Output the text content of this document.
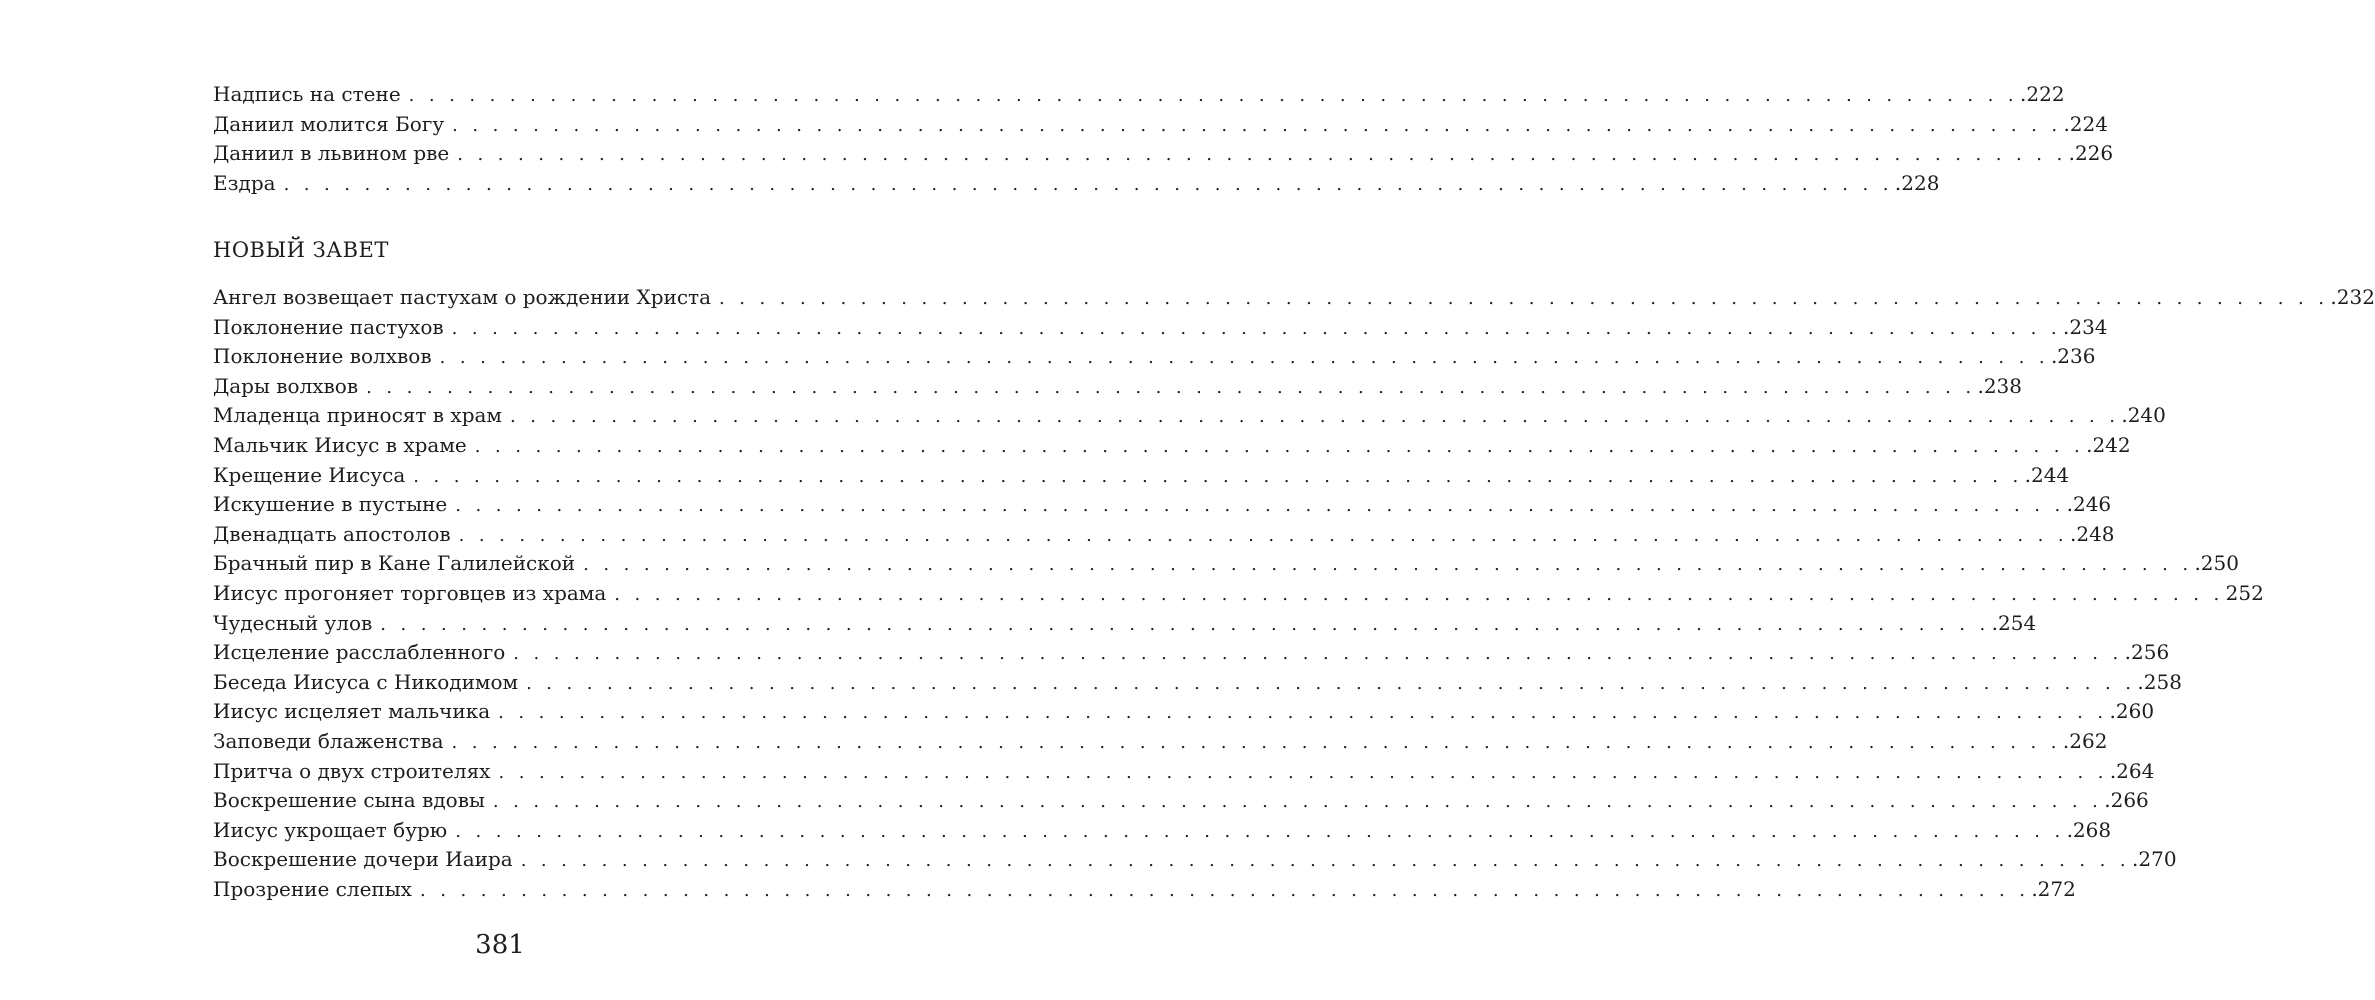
Надпись на стене . . . . . . . . . . . . . . . . . . . . . . . . . . . . . . . . . . . . . . . . . . . . . . . . . . . . . . . . . . . . . . . . . . . . . . . . . . . . . . . . .222
Даниил молится Богу . . . . . . . . . . . . . . . . . . . . . . . . . . . . . . . . . . . . . . . . . . . . . . . . . . . . . . . . . . . . . . . . . . . . . . . . . . . . . . . . .224
Даниил в львином рве . . . . . . . . . . . . . . . . . . . . . . . . . . . . . . . . . . . . . . . . . . . . . . . . . . . . . . . . . . . . . . . . . . . . . . . . . . . . . . . . .226
Ездра . . . . . . . . . . . . . . . . . . . . . . . . . . . . . . . . . . . . . . . . . . . . . . . . . . . . . . . . . . . . . . . . . . . . . . . . . . . . . . . . .228
НОВЫЙ ЗАВЕТ
Ангел возвещает пастухам о рождении Христа . . . . . . . . . . . . . . . . . . . . . . . . . . . . . . . . . . . . . . . . . . . . . . . . . . . . . . . . . . . . . . . . . . . . . . . . . . . . . . . . .232
Поклонение пастухов . . . . . . . . . . . . . . . . . . . . . . . . . . . . . . . . . . . . . . . . . . . . . . . . . . . . . . . . . . . . . . . . . . . . . . . . . . . . . . . . .234
Поклонение волхвов . . . . . . . . . . . . . . . . . . . . . . . . . . . . . . . . . . . . . . . . . . . . . . . . . . . . . . . . . . . . . . . . . . . . . . . . . . . . . . . . .236
Дары волхвов . . . . . . . . . . . . . . . . . . . . . . . . . . . . . . . . . . . . . . . . . . . . . . . . . . . . . . . . . . . . . . . . . . . . . . . . . . . . . . . . .238
Младенца приносят в храм . . . . . . . . . . . . . . . . . . . . . . . . . . . . . . . . . . . . . . . . . . . . . . . . . . . . . . . . . . . . . . . . . . . . . . . . . . . . . . . . .240
Мальчик Иисус в храме . . . . . . . . . . . . . . . . . . . . . . . . . . . . . . . . . . . . . . . . . . . . . . . . . . . . . . . . . . . . . . . . . . . . . . . . . . . . . . . . .242
Крещение Иисуса . . . . . . . . . . . . . . . . . . . . . . . . . . . . . . . . . . . . . . . . . . . . . . . . . . . . . . . . . . . . . . . . . . . . . . . . . . . . . . . . .244
Искушение в пустыне . . . . . . . . . . . . . . . . . . . . . . . . . . . . . . . . . . . . . . . . . . . . . . . . . . . . . . . . . . . . . . . . . . . . . . . . . . . . . . . . .246
Двенадцать апостолов . . . . . . . . . . . . . . . . . . . . . . . . . . . . . . . . . . . . . . . . . . . . . . . . . . . . . . . . . . . . . . . . . . . . . . . . . . . . . . . . .248
Брачный пир в Кане Галилейской . . . . . . . . . . . . . . . . . . . . . . . . . . . . . . . . . . . . . . . . . . . . . . . . . . . . . . . . . . . . . . . . . . . . . . . . . . . . . . . . .250
Иисус прогоняет торговцев из храма . . . . . . . . . . . . . . . . . . . . . . . . . . . . . . . . . . . . . . . . . . . . . . . . . . . . . . . . . . . . . . . . . . . . . . . . . . . . . . . . 252
Чудесный улов . . . . . . . . . . . . . . . . . . . . . . . . . . . . . . . . . . . . . . . . . . . . . . . . . . . . . . . . . . . . . . . . . . . . . . . . . . . . . . . . .254
Исцеление расслабленного . . . . . . . . . . . . . . . . . . . . . . . . . . . . . . . . . . . . . . . . . . . . . . . . . . . . . . . . . . . . . . . . . . . . . . . . . . . . . . . . .256
Беседа Иисуса с Никодимом . . . . . . . . . . . . . . . . . . . . . . . . . . . . . . . . . . . . . . . . . . . . . . . . . . . . . . . . . . . . . . . . . . . . . . . . . . . . . . . . .258
Иисус исцеляет мальчика . . . . . . . . . . . . . . . . . . . . . . . . . . . . . . . . . . . . . . . . . . . . . . . . . . . . . . . . . . . . . . . . . . . . . . . . . . . . . . . . .260
Заповеди блаженства . . . . . . . . . . . . . . . . . . . . . . . . . . . . . . . . . . . . . . . . . . . . . . . . . . . . . . . . . . . . . . . . . . . . . . . . . . . . . . . . .262
Притча о двух строителях . . . . . . . . . . . . . . . . . . . . . . . . . . . . . . . . . . . . . . . . . . . . . . . . . . . . . . . . . . . . . . . . . . . . . . . . . . . . . . . . .264
Воскрешение сына вдовы . . . . . . . . . . . . . . . . . . . . . . . . . . . . . . . . . . . . . . . . . . . . . . . . . . . . . . . . . . . . . . . . . . . . . . . . . . . . . . . . .266
Иисус укрощает бурю . . . . . . . . . . . . . . . . . . . . . . . . . . . . . . . . . . . . . . . . . . . . . . . . . . . . . . . . . . . . . . . . . . . . . . . . . . . . . . . . .268
Воскрешение дочери Иаира . . . . . . . . . . . . . . . . . . . . . . . . . . . . . . . . . . . . . . . . . . . . . . . . . . . . . . . . . . . . . . . . . . . . . . . . . . . . . . . . .270
Прозрение слепых . . . . . . . . . . . . . . . . . . . . . . . . . . . . . . . . . . . . . . . . . . . . . . . . . . . . . . . . . . . . . . . . . . . . . . . . . . . . . . . . .272
381
